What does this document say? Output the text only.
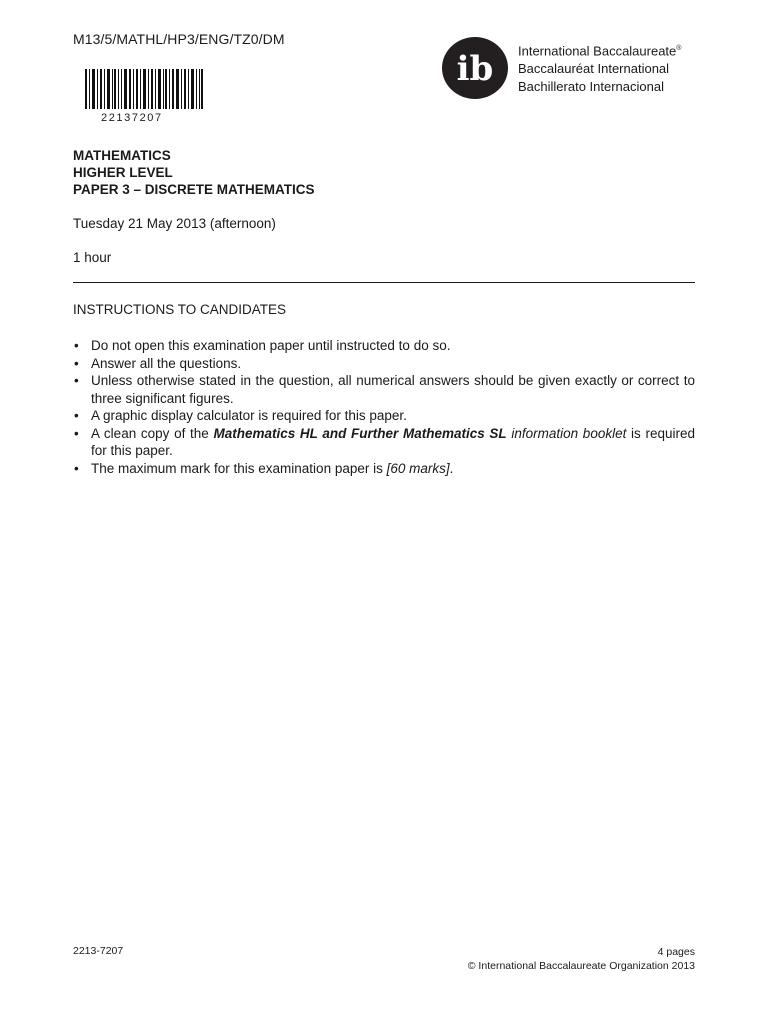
M13/5/MATHL/HP3/ENG/TZ0/DM
22137207
ib International Baccalaureate®
Baccalauréat International
Bachillerato Internacional
MATHEMATICS
HIGHER LEVEL
PAPER 3 – DISCRETE MATHEMATICS
Tuesday 21 May 2013 (afternoon)
1 hour
INSTRUCTIONS TO CANDIDATES
• Do not open this examination paper until instructed to do so.
• Answer all the questions.
• Unless otherwise stated in the question, all numerical answers should be given exactly or correct to three significant figures.
• A graphic display calculator is required for this paper.
• A clean copy of the Mathematics HL and Further Mathematics SL information booklet is required for this paper.
• The maximum mark for this examination paper is [60 marks].
2213-7207	4 pages
© International Baccalaureate Organization 2013
